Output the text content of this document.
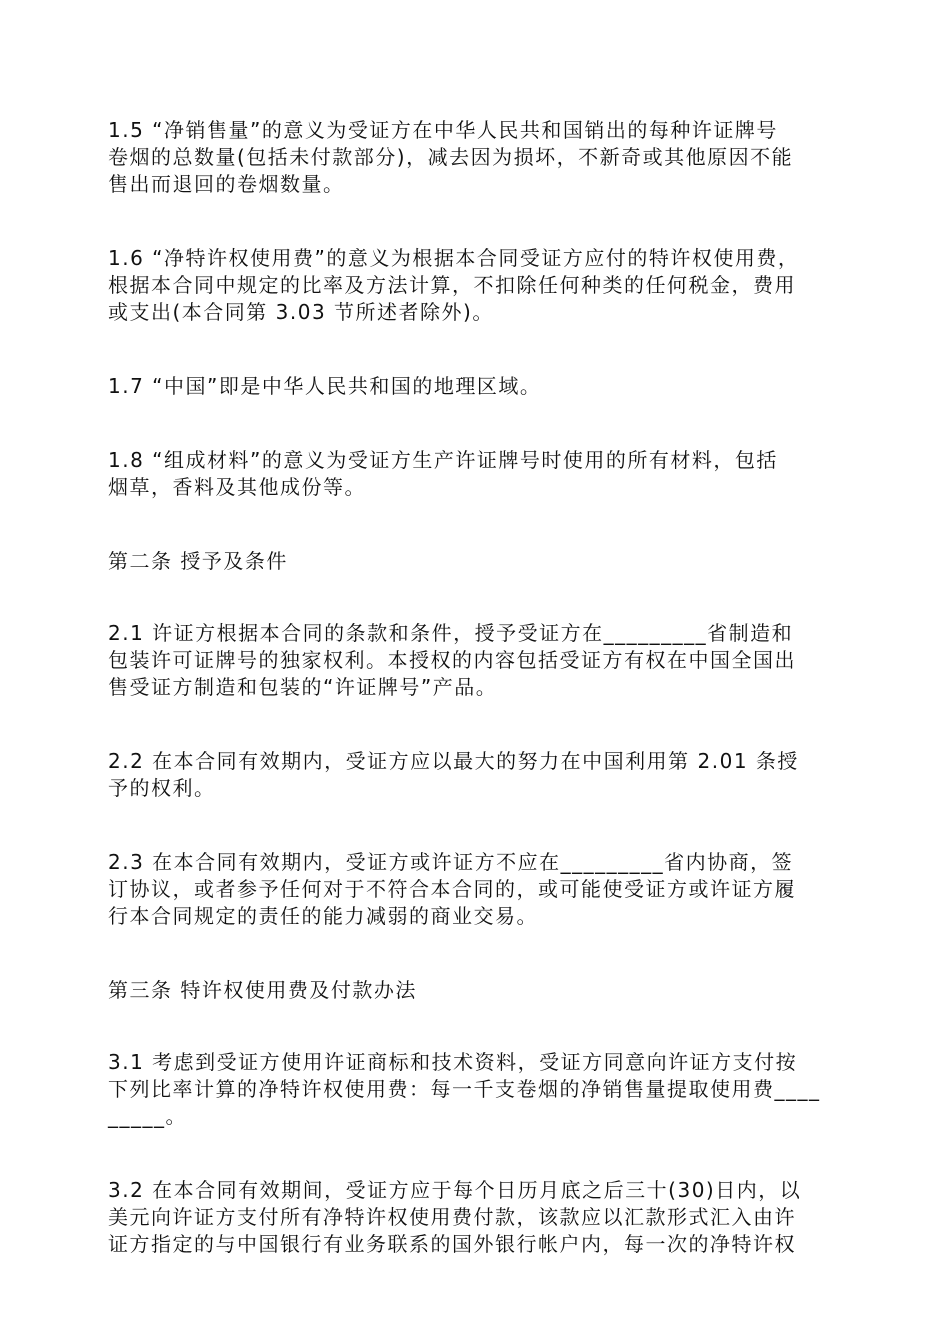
1.5 “净销售量”的意义为受证方在中华人民共和国销出的每种许证牌号
卷烟的总数量(包括未付款部分)，减去因为损坏，不新奇或其他原因不能
售出而退回的卷烟数量。
1.6 “净特许权使用费”的意义为根据本合同受证方应付的特许权使用费，
根据本合同中规定的比率及方法计算，不扣除任何种类的任何税金，费用
或支出(本合同第 3.03 节所述者除外)。
1.7 “中国”即是中华人民共和国的地理区域。
1.8 “组成材料”的意义为受证方生产许证牌号时使用的所有材料，包括
烟草，香料及其他成份等。
第二条 授予及条件
2.1 许证方根据本合同的条款和条件，授予受证方在_________省制造和
包装许可证牌号的独家权利。本授权的内容包括受证方有权在中国全国出
售受证方制造和包装的“许证牌号”产品。
2.2 在本合同有效期内，受证方应以最大的努力在中国利用第 2.01 条授
予的权利。
2.3 在本合同有效期内，受证方或许证方不应在_________省内协商，签
订协议，或者参予任何对于不符合本合同的，或可能使受证方或许证方履
行本合同规定的责任的能力减弱的商业交易。
第三条 特许权使用费及付款办法
3.1 考虑到受证方使用许证商标和技术资料，受证方同意向许证方支付按
下列比率计算的净特许权使用费：每一千支卷烟的净销售量提取使用费____
_____。
3.2 在本合同有效期间，受证方应于每个日历月底之后三十(30)日内，以
美元向许证方支付所有净特许权使用费付款，该款应以汇款形式汇入由许
证方指定的与中国银行有业务联系的国外银行帐户内，每一次的净特许权
